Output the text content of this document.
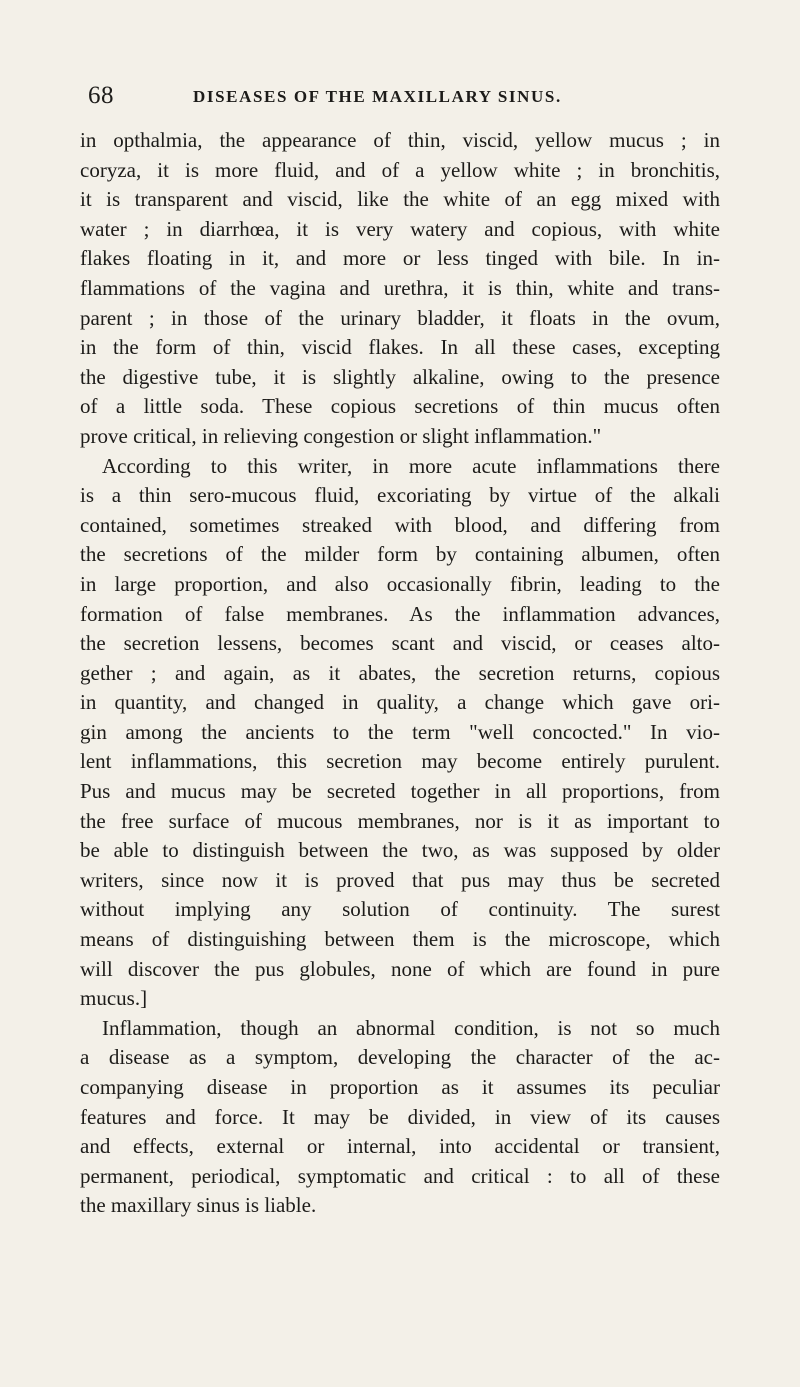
68	DISEASES OF THE MAXILLARY SINUS.
in opthalmia, the appearance of thin, viscid, yellow mucus ; in
coryza, it is more fluid, and of a yellow white ; in bronchitis,
it is transparent and viscid, like the white of an egg mixed with
water ; in diarrhœa, it is very watery and copious, with white
flakes floating in it, and more or less tinged with bile. In in-
flammations of the vagina and urethra, it is thin, white and trans-
parent ; in those of the urinary bladder, it floats in the ovum,
in the form of thin, viscid flakes. In all these cases, excepting
the digestive tube, it is slightly alkaline, owing to the presence
of a little soda. These copious secretions of thin mucus often
prove critical, in relieving congestion or slight inflammation."
According to this writer, in more acute inflammations there
is a thin sero-mucous fluid, excoriating by virtue of the alkali
contained, sometimes streaked with blood, and differing from
the secretions of the milder form by containing albumen, often
in large proportion, and also occasionally fibrin, leading to the
formation of false membranes. As the inflammation advances,
the secretion lessens, becomes scant and viscid, or ceases alto-
gether ; and again, as it abates, the secretion returns, copious
in quantity, and changed in quality, a change which gave ori-
gin among the ancients to the term "well concocted." In vio-
lent inflammations, this secretion may become entirely purulent.
Pus and mucus may be secreted together in all proportions, from
the free surface of mucous membranes, nor is it as important to
be able to distinguish between the two, as was supposed by older
writers, since now it is proved that pus may thus be secreted
without implying any solution of continuity. The surest
means of distinguishing between them is the microscope, which
will discover the pus globules, none of which are found in pure
mucus.]
Inflammation, though an abnormal condition, is not so much
a disease as a symptom, developing the character of the ac-
companying disease in proportion as it assumes its peculiar
features and force. It may be divided, in view of its causes
and effects, external or internal, into accidental or transient,
permanent, periodical, symptomatic and critical : to all of these
the maxillary sinus is liable.
